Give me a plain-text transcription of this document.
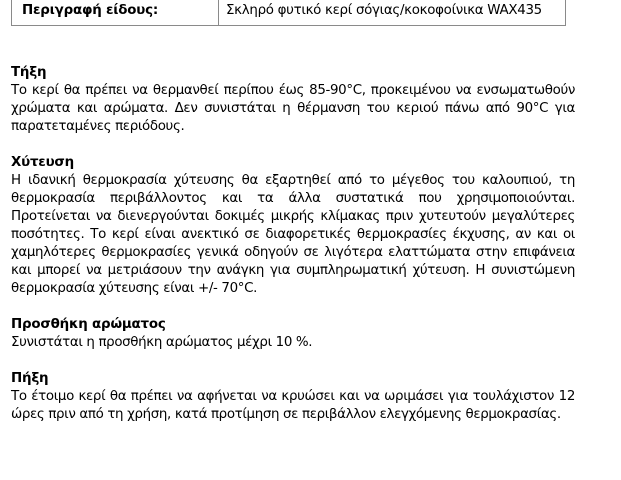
Περιγραφή είδους:	Σκληρό φυτικό κερί σόγιας/κοκοφοίνικα WAX435
Τήξη
Το κερί θα πρέπει να θερμανθεί περίπου έως 85-90°C, προκειμένου να ενσωματωθούν χρώματα και αρώματα. Δεν συνιστάται η θέρμανση του κεριού πάνω από 90°C για παρατεταμένες περιόδους.
Χύτευση
Η ιδανική θερμοκρασία χύτευσης θα εξαρτηθεί από το μέγεθος του καλουπιού, τη θερμοκρασία περιβάλλοντος και τα άλλα συστατικά που χρησιμοποιούνται. Προτείνεται να διενεργούνται δοκιμές μικρής κλίμακας πριν χυτευτούν μεγαλύτερες ποσότητες. Το κερί είναι ανεκτικό σε διαφορετικές θερμοκρασίες έκχυσης, αν και οι χαμηλότερες θερμοκρασίες γενικά οδηγούν σε λιγότερα ελαττώματα στην επιφάνεια και μπορεί να μετριάσουν την ανάγκη για συμπληρωματική χύτευση. Η συνιστώμενη θερμοκρασία χύτευσης είναι +/- 70°C.
Προσθήκη αρώματος
Συνιστάται η προσθήκη αρώματος μέχρι 10 %.
Πήξη
Το έτοιμο κερί θα πρέπει να αφήνεται να κρυώσει και να ωριμάσει για τουλάχιστον 12 ώρες πριν από τη χρήση, κατά προτίμηση σε περιβάλλον ελεγχόμενης θερμοκρασίας.
